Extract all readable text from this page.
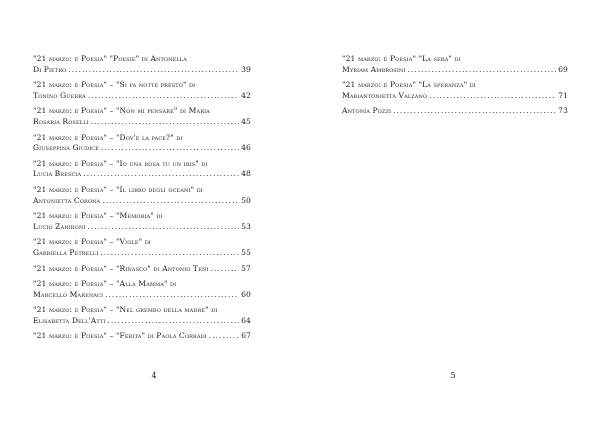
"21 marzo: è Poesia" "Poesie" di Antonella
Di Pietro .....	39
"21 marzo: è Poesia" – "Si fa notte presto" di
Tonino Guerra .....	42
"21 marzo: è Poesia" – "Non mi pensare" di Maria
Rosaria Roselli .....	45
"21 marzo: è Poesia" – "Dov'è la pace?" di
Giuseppina Giudice .....	46
"21 marzo: è Poesia" – "Io una rosa tu un iris" di
Lucia Brescia .....	48
"21 marzo: è Poesia" – "Il libro degli oceani" di
Antonietta Corona .....	50
"21 marzo: è Poesia" – "Memoria" di
Lucio Zaniboni .....	53
"21 marzo: è Poesia" – "Viole" di
Gabriella Petrelli .....	55
"21 marzo: è Poesia" – "Rinasco" di Antonio Teni .....	57
"21 marzo: è Poesia" – "Alla Mamma" di
Marcello Marenaci .....	60
"21 marzo: è Poesia" – "Nel grembo della madre" di
Elisabetta Dell'Atti .....	64
"21 marzo: è Poesia" – "Ferita" di Paola Corradi .....	67
4
"21 marzo: è Poesia" "La sera" di
Myriam Ambrosini .....	69
"21 marzo: è Poesia" "La speranza" di
Mariantonietta Valzano .....	71
Antonia Pozzi .....	73
5
